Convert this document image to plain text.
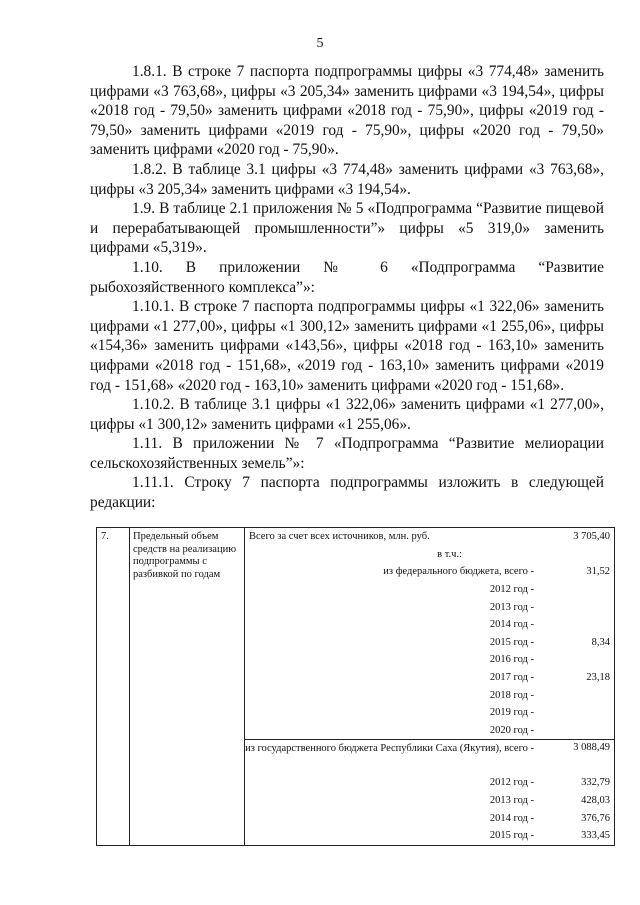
5

1.8.1. В строке 7 паспорта подпрограммы цифры «3 774,48» заменить цифрами «3 763,68», цифры «3 205,34» заменить цифрами «3 194,54», цифры «2018 год - 79,50» заменить цифрами «2018 год - 75,90», цифры «2019 год - 79,50» заменить цифрами «2019 год - 75,90», цифры «2020 год - 79,50» заменить цифрами «2020 год - 75,90».

1.8.2. В таблице 3.1 цифры «3 774,48» заменить цифрами «3 763,68», цифры «3 205,34» заменить цифрами «3 194,54».

1.9. В таблице 2.1 приложения № 5 «Подпрограмма “Развитие пищевой и перерабатывающей промышленности”» цифры «5 319,0» заменить цифрами «5,319».

1.10. В приложении № 6 «Подпрограмма “Развитие рыбохозяйственного комплекса”»:

1.10.1. В строке 7 паспорта подпрограммы цифры «1 322,06» заменить цифрами «1 277,00», цифры «1 300,12» заменить цифрами «1 255,06», цифры «154,36» заменить цифрами «143,56», цифры «2018 год - 163,10» заменить цифрами «2018 год - 151,68», «2019 год - 163,10» заменить цифрами «2019 год - 151,68» «2020 год - 163,10» заменить цифрами «2020 год - 151,68».

1.10.2. В таблице 3.1 цифры «1 322,06» заменить цифрами «1 277,00», цифры «1 300,12» заменить цифрами «1 255,06».

1.11. В приложении № 7 «Подпрограмма “Развитие мелиорации сельскохозяйственных земель”»:

1.11.1. Строку 7 паспорта подпрограммы изложить в следующей редакции:

7.	Предельный объем средств на реализацию подпрограммы с разбивкой по годам	
Всего за счет всех источников, млн. руб.	3 705,40
в т.ч.:
из федерального бюджета, всего -	31,52
2012 год -
2013 год -
2014 год -
2015 год -	8,34
2016 год -
2017 год -	23,18
2018 год -
2019 год -
2020 год -

из государственного бюджета Республики Саха (Якутия), всего -	3 088,49
2012 год -	332,79
2013 год -	428,03
2014 год -	376,76
2015 год -	333,45
